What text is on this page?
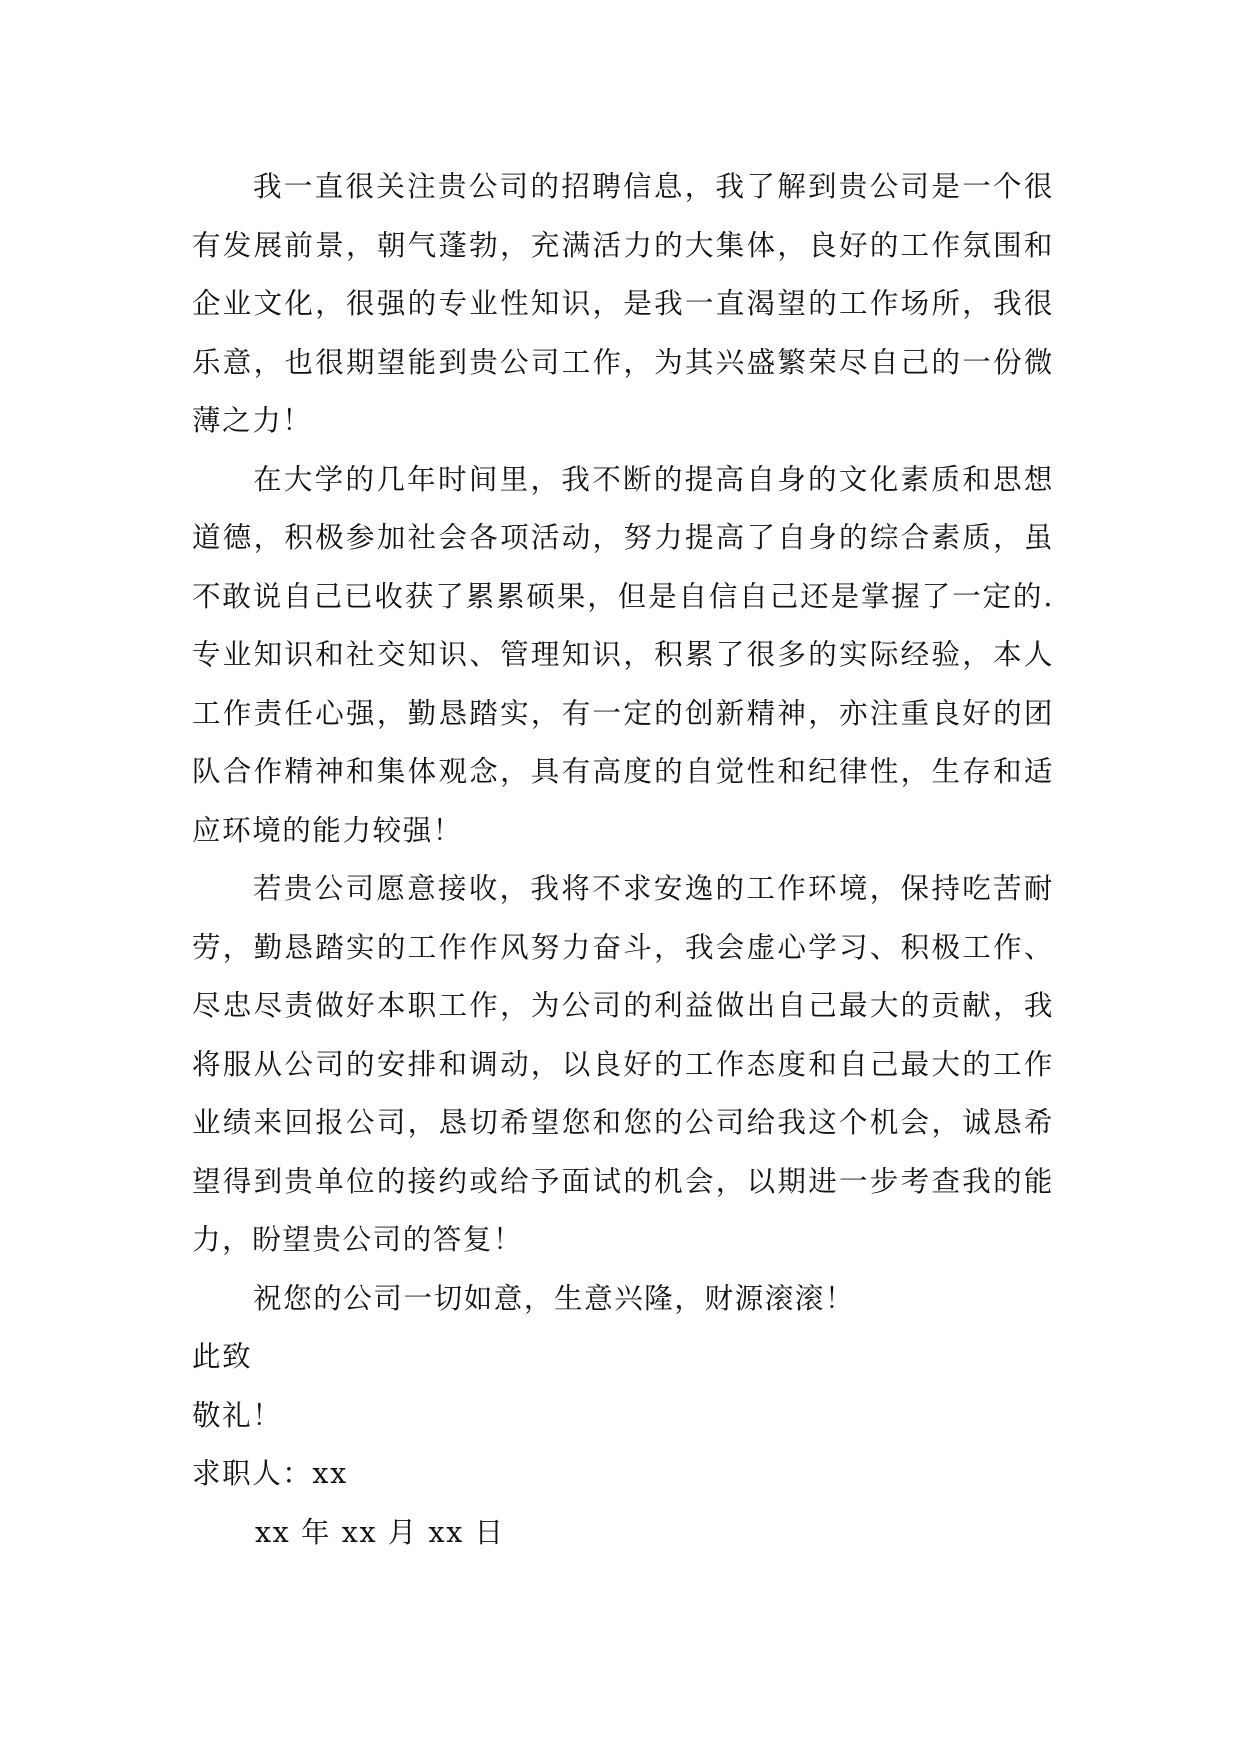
我一直很关注贵公司的招聘信息，我了解到贵公司是一个很有发展前景，朝气蓬勃，充满活力的大集体，良好的工作氛围和企业文化，很强的专业性知识，是我一直渴望的工作场所，我很乐意，也很期望能到贵公司工作，为其兴盛繁荣尽自己的一份微薄之力！

在大学的几年时间里，我不断的提高自身的文化素质和思想道德，积极参加社会各项活动，努力提高了自身的综合素质，虽不敢说自己已收获了累累硕果，但是自信自己还是掌握了一定的.专业知识和社交知识、管理知识，积累了很多的实际经验，本人工作责任心强，勤恳踏实，有一定的创新精神，亦注重良好的团队合作精神和集体观念，具有高度的自觉性和纪律性，生存和适应环境的能力较强！

若贵公司愿意接收，我将不求安逸的工作环境，保持吃苦耐劳，勤恳踏实的工作作风努力奋斗，我会虚心学习、积极工作、尽忠尽责做好本职工作，为公司的利益做出自己最大的贡献，我将服从公司的安排和调动，以良好的工作态度和自己最大的工作业绩来回报公司，恳切希望您和您的公司给我这个机会，诚恳希望得到贵单位的接约或给予面试的机会，以期进一步考查我的能力，盼望贵公司的答复！

祝您的公司一切如意，生意兴隆，财源滚滚！

此致

敬礼！

求职人：xx

xx 年 xx 月 xx 日
